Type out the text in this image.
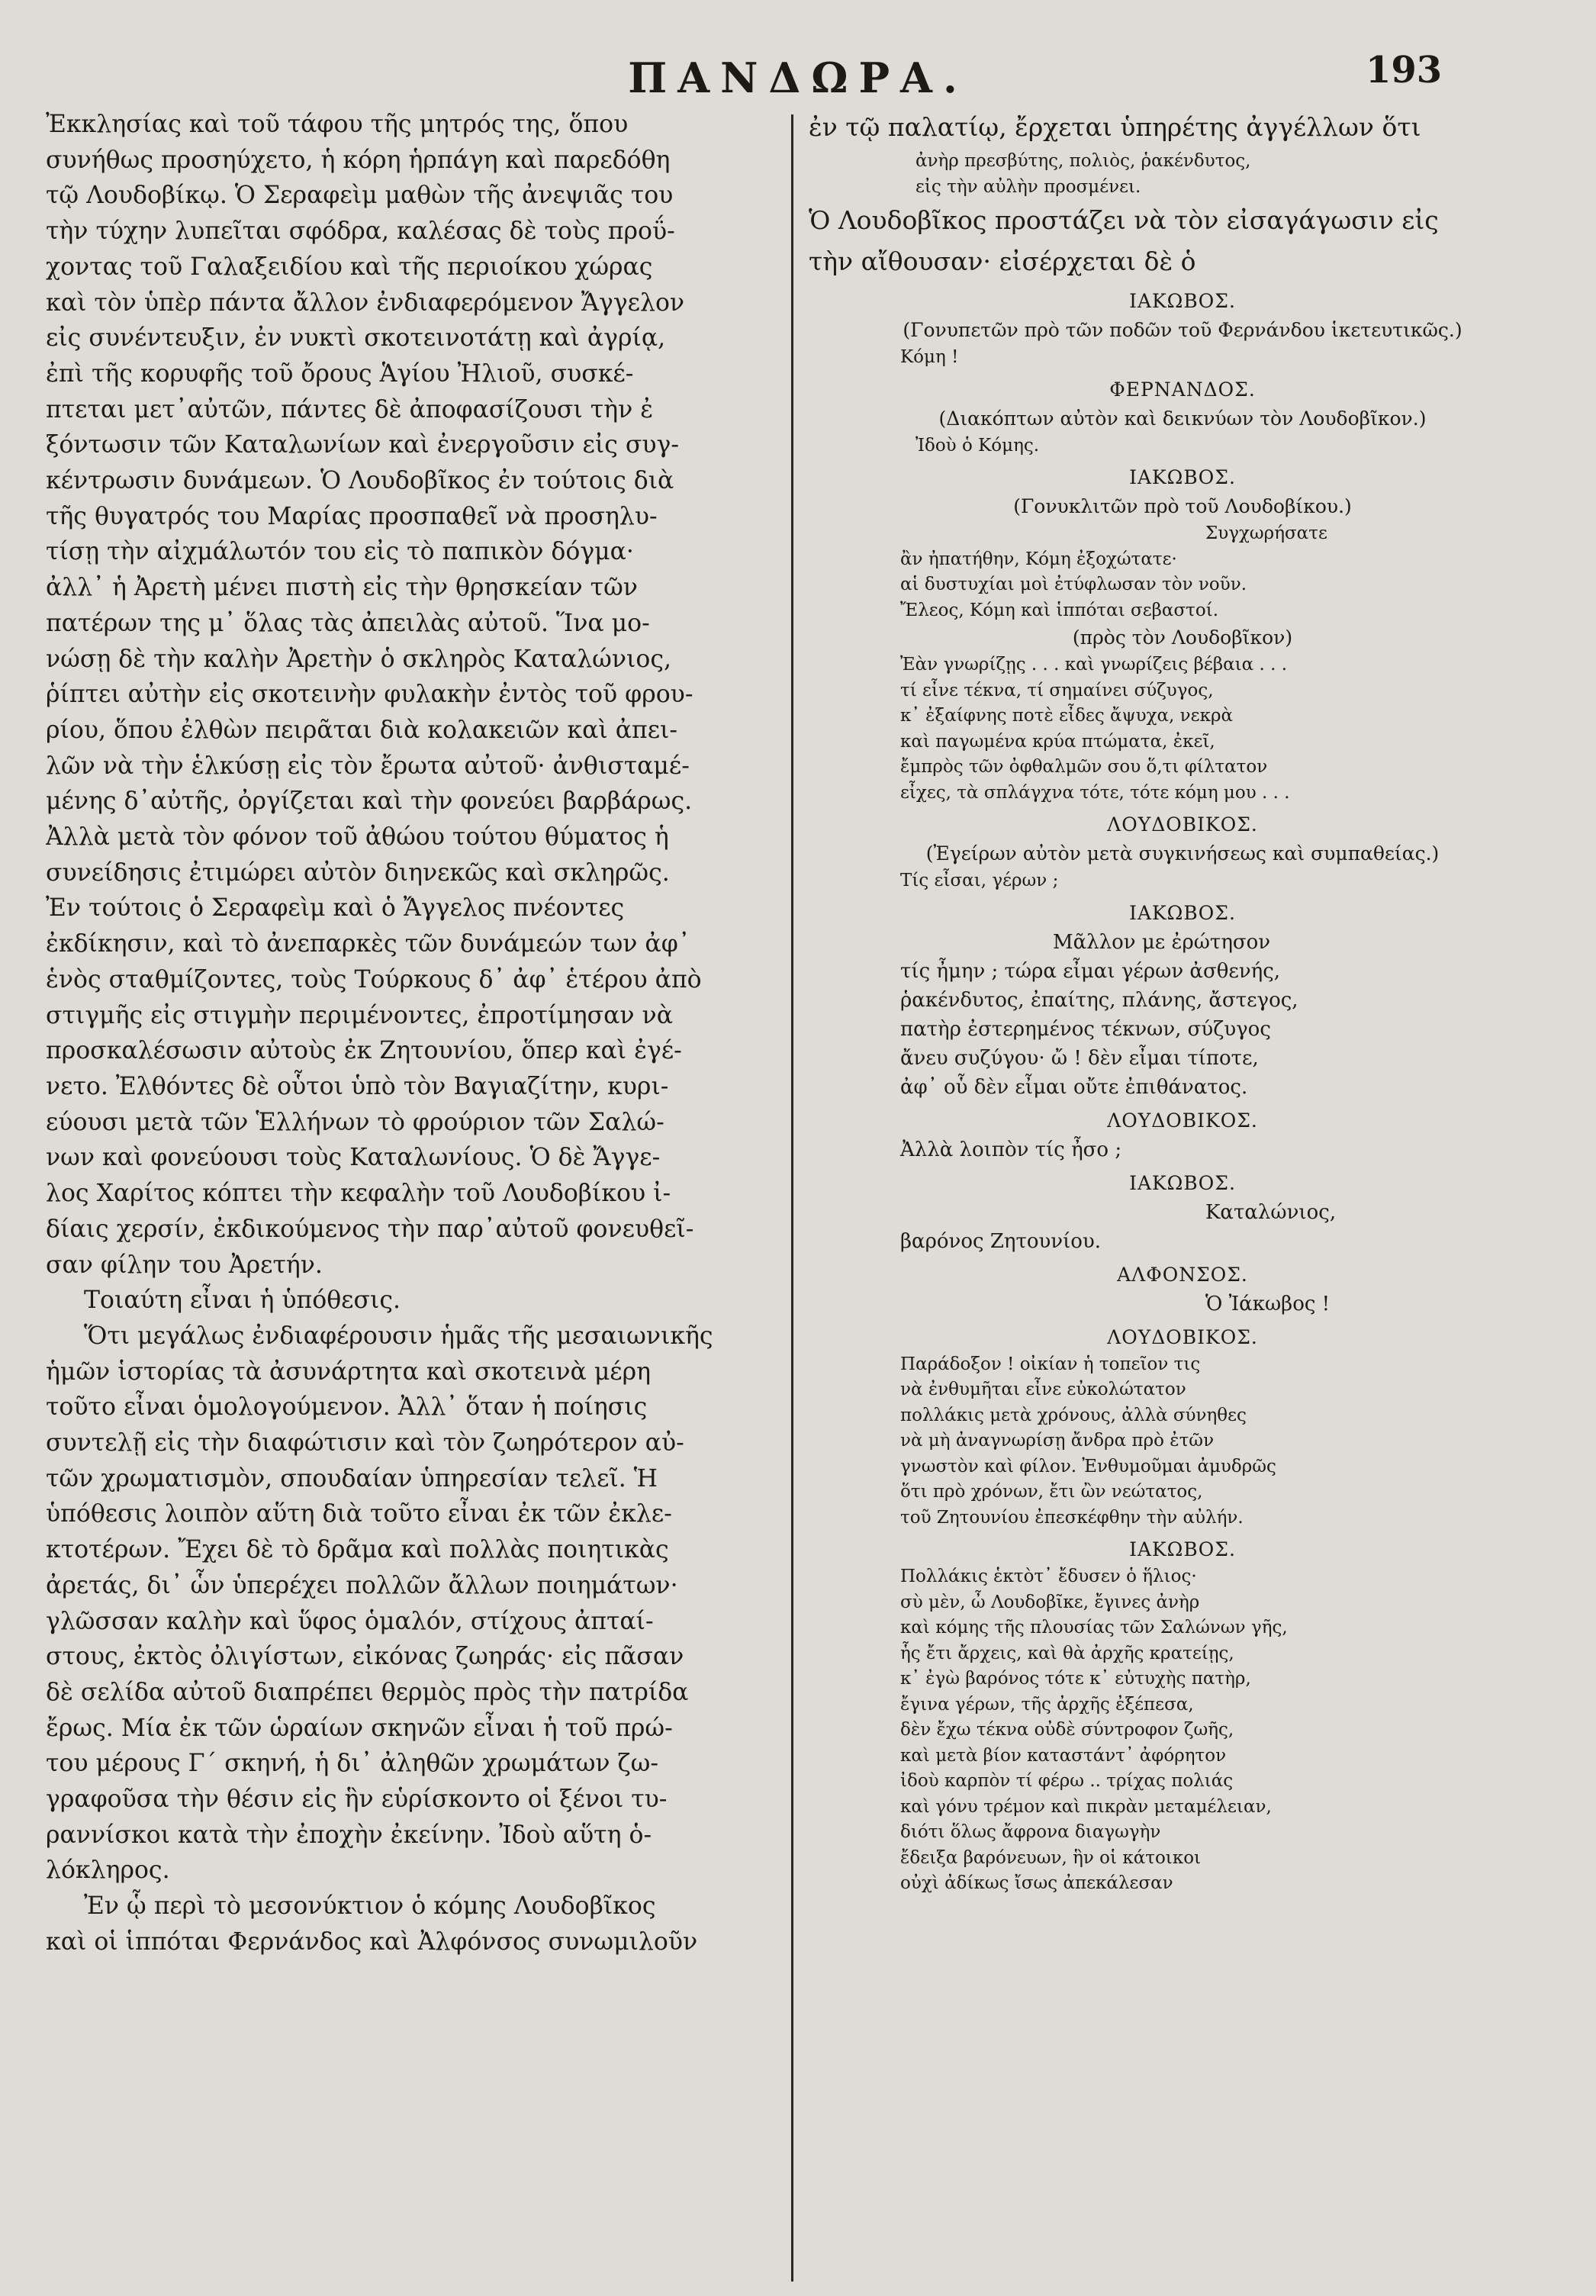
ΠΑΝΔΩΡΑ.	193
Ἐκκλησίας καὶ τοῦ τάφου τῆς μητρός της, ὅπου
συνήθως προσηύχετο, ἡ κόρη ἡρπάγη καὶ παρεδόθη
τῷ Λουδοβίκῳ. Ὁ Σεραφεὶμ μαθὼν τῆς ἀνεψιᾶς του
τὴν τύχην λυπεῖται σφόδρα, καλέσας δὲ τοὺς προΰ-
χοντας τοῦ Γαλαξειδίου καὶ τῆς περιοίκου χώρας
καὶ τὸν ὑπὲρ πάντα ἄλλον ἐνδιαφερόμενον Ἄγγελον
εἰς συνέντευξιν, ἐν νυκτὶ σκοτεινοτάτῃ καὶ ἀγρίᾳ,
ἐπὶ τῆς κορυφῆς τοῦ ὄρους Ἁγίου Ἠλιοῦ, συσκέ-
πτεται μετ᾽αὐτῶν, πάντες δὲ ἀποφασίζουσι τὴν ἐ
ξόντωσιν τῶν Καταλωνίων καὶ ἐνεργοῦσιν εἰς συγ-
κέντρωσιν δυνάμεων. Ὁ Λουδοβῖκος ἐν τούτοις διὰ
τῆς θυγατρός του Μαρίας προσπαθεῖ νὰ προσηλυ-
τίσῃ τὴν αἰχμάλωτόν του εἰς τὸ παπικὸν δόγμα·
ἀλλ᾽ ἡ Ἀρετὴ μένει πιστὴ εἰς τὴν θρησκείαν τῶν
πατέρων της μ᾽ ὅλας τὰς ἀπειλὰς αὐτοῦ. Ἵνα μο-
νώσῃ δὲ τὴν καλὴν Ἀρετὴν ὁ σκληρὸς Καταλώνιος,
ῥίπτει αὐτὴν εἰς σκοτεινὴν φυλακὴν ἐντὸς τοῦ φρου-
ρίου, ὅπου ἐλθὼν πειρᾶται διὰ κολακειῶν καὶ ἀπει-
λῶν νὰ τὴν ἑλκύσῃ εἰς τὸν ἔρωτα αὐτοῦ· ἀνθισταμέ-
μένης δ᾽αὐτῆς, ὀργίζεται καὶ τὴν φονεύει βαρβάρως.
Ἀλλὰ μετὰ τὸν φόνον τοῦ ἀθώου τούτου θύματος ἡ
συνείδησις ἐτιμώρει αὐτὸν διηνεκῶς καὶ σκληρῶς.
Ἐν τούτοις ὁ Σεραφεὶμ καὶ ὁ Ἄγγελος πνέοντες
ἐκδίκησιν, καὶ τὸ ἀνεπαρκὲς τῶν δυνάμεών των ἀφ᾽
ἑνὸς σταθμίζοντες, τοὺς Τούρκους δ᾽ ἀφ᾽ ἑτέρου ἀπὸ
στιγμῆς εἰς στιγμὴν περιμένοντες, ἐπροτίμησαν νὰ
προσκαλέσωσιν αὐτοὺς ἐκ Ζητουνίου, ὅπερ καὶ ἐγέ-
νετο. Ἐλθόντες δὲ οὗτοι ὑπὸ τὸν Βαγιαζίτην, κυρι-
εύουσι μετὰ τῶν Ἑλλήνων τὸ φρούριον τῶν Σαλώ-
νων καὶ φονεύουσι τοὺς Καταλωνίους. Ὁ δὲ Ἄγγε-
λος Χαρίτος κόπτει τὴν κεφαλὴν τοῦ Λουδοβίκου ἰ-
δίαις χερσίν, ἐκδικούμενος τὴν παρ᾽αὐτοῦ φονευθεῖ-
σαν φίλην του Ἀρετήν.
Τοιαύτη εἶναι ἡ ὑπόθεσις.
Ὅτι μεγάλως ἐνδιαφέρουσιν ἡμᾶς τῆς μεσαιωνικῆς
ἡμῶν ἱστορίας τὰ ἀσυνάρτητα καὶ σκοτεινὰ μέρη
τοῦτο εἶναι ὁμολογούμενον. Ἀλλ᾽ ὅταν ἡ ποίησις
συντελῇ εἰς τὴν διαφώτισιν καὶ τὸν ζωηρότερον αὐ-
τῶν χρωματισμὸν, σπουδαίαν ὑπηρεσίαν τελεῖ. Ἡ
ὑπόθεσις λοιπὸν αὕτη διὰ τοῦτο εἶναι ἐκ τῶν ἐκλε-
κτοτέρων. Ἔχει δὲ τὸ δρᾶμα καὶ πολλὰς ποιητικὰς
ἀρετάς, δι᾽ ὧν ὑπερέχει πολλῶν ἄλλων ποιημάτων·
γλῶσσαν καλὴν καὶ ὕφος ὁμαλόν, στίχους ἀπταί-
στους, ἐκτὸς ὀλιγίστων, εἰκόνας ζωηράς· εἰς πᾶσαν
δὲ σελίδα αὐτοῦ διαπρέπει θερμὸς πρὸς τὴν πατρίδα
ἔρως. Μία ἐκ τῶν ὡραίων σκηνῶν εἶναι ἡ τοῦ πρώ-
του μέρους Γ´ σκηνή, ἡ δι᾽ ἀληθῶν χρωμάτων ζω-
γραφοῦσα τὴν θέσιν εἰς ἣν εὑρίσκοντο οἱ ξένοι τυ-
ραννίσκοι κατὰ τὴν ἐποχὴν ἐκείνην. Ἰδοὺ αὕτη ὁ-
λόκληρος.
Ἐν ᾧ περὶ τὸ μεσονύκτιον ὁ κόμης Λουδοβῖκος
καὶ οἱ ἱππόται Φερνάνδος καὶ Ἀλφόνσος συνωμιλοῦν
ἐν τῷ παλατίῳ, ἔρχεται ὑπηρέτης ἀγγέλλων ὅτι
ἀνὴρ πρεσβύτης, πολιὸς, ῥακένδυτος,
εἰς τὴν αὐλὴν προσμένει.
Ὁ Λουδοβῖκος προστάζει νὰ τὸν εἰσαγάγωσιν εἰς
τὴν αἴθουσαν· εἰσέρχεται δὲ ὁ
ΙΑΚΩΒΟΣ.
(Γονυπετῶν πρὸ τῶν ποδῶν τοῦ Φερνάνδου ἱκετευτικῶς.)
Κόμη !
ΦΕΡΝΑΝΔΟΣ.
(Διακόπτων αὐτὸν καὶ δεικνύων τὸν Λουδοβῖκον.)
Ἰδοὺ ὁ Κόμης.
ΙΑΚΩΒΟΣ.
(Γονυκλιτῶν πρὸ τοῦ Λουδοβίκου.)
Συγχωρήσατε
ἂν ἠπατήθην, Κόμη ἐξοχώτατε·
αἱ δυστυχίαι μοὶ ἐτύφλωσαν τὸν νοῦν.
Ἔλεος, Κόμη καὶ ἱππόται σεβαστοί.
(πρὸς τὸν Λουδοβῖκον)
Ἐὰν γνωρίζῃς . . . καὶ γνωρίζεις βέβαια . . .
τί εἶνε τέκνα, τί σημαίνει σύζυγος,
κ᾽ ἐξαίφνης ποτὲ εἶδες ἄψυχα, νεκρὰ
καὶ παγωμένα κρύα πτώματα, ἐκεῖ,
ἔμπρὸς τῶν ὀφθαλμῶν σου ὅ,τι φίλτατον
εἶχες, τὰ σπλάγχνα τότε, τότε κόμη μου . . .
ΛΟΥΔΟΒΙΚΟΣ.
(Ἐγείρων αὐτὸν μετὰ συγκινήσεως καὶ συμπαθείας.)
Τίς εἶσαι, γέρων ;
ΙΑΚΩΒΟΣ.
Μᾶλλον με ἐρώτησον
τίς ἦμην ; τώρα εἶμαι γέρων ἀσθενής,
ῥακένδυτος, ἐπαίτης, πλάνης, ἄστεγος,
πατὴρ ἐστερημένος τέκνων, σύζυγος
ἄνευ συζύγου· ὤ ! δὲν εἶμαι τίποτε,
ἀφ᾽ οὗ δὲν εἶμαι οὔτε ἐπιθάνατος.
ΛΟΥΔΟΒΙΚΟΣ.
Ἀλλὰ λοιπὸν τίς ἦσο ;
ΙΑΚΩΒΟΣ.
Καταλώνιος,
βαρόνος Ζητουνίου.
ΑΛΦΟΝΣΟΣ.
Ὁ Ἰάκωβος !
ΛΟΥΔΟΒΙΚΟΣ.
Παράδοξον ! οἰκίαν ἡ τοπεῖον τις
νὰ ἐνθυμῆται εἶνε εὐκολώτατον
πολλάκις μετὰ χρόνους, ἀλλὰ σύνηθες
νὰ μὴ ἀναγνωρίσῃ ἄνδρα πρὸ ἐτῶν
γνωστὸν καὶ φίλον. Ἐνθυμοῦμαι ἀμυδρῶς
ὅτι πρὸ χρόνων, ἔτι ὢν νεώτατος,
τοῦ Ζητουνίου ἐπεσκέφθην τὴν αὐλήν.
ΙΑΚΩΒΟΣ.
Πολλάκις ἑκτὸτ᾽ ἔδυσεν ὁ ἥλιος·
σὺ μὲν, ὦ Λουδοβῖκε, ἔγινες ἀνὴρ
καὶ κόμης τῆς πλουσίας τῶν Σαλώνων γῆς,
ἧς ἔτι ἄρχεις, καὶ θὰ ἀρχῆς κρατείῃς,
κ᾽ ἐγὼ βαρόνος τότε κ᾽ εὐτυχὴς πατὴρ,
ἔγινα γέρων, τῆς ἀρχῆς ἐξέπεσα,
δὲν ἔχω τέκνα οὐδὲ σύντροφον ζωῆς,
καὶ μετὰ βίον καταστάντ᾽ ἀφόρητον
ἰδοὺ καρπὸν τί φέρω .. τρίχας πολιάς
καὶ γόνυ τρέμον καὶ πικρὰν μεταμέλειαν,
διότι ὅλως ἄφρονα διαγωγὴν
ἔδειξα βαρόνευων, ἣν οἱ κάτοικοι
οὐχὶ ἀδίκως ἴσως ἀπεκάλεσαν
